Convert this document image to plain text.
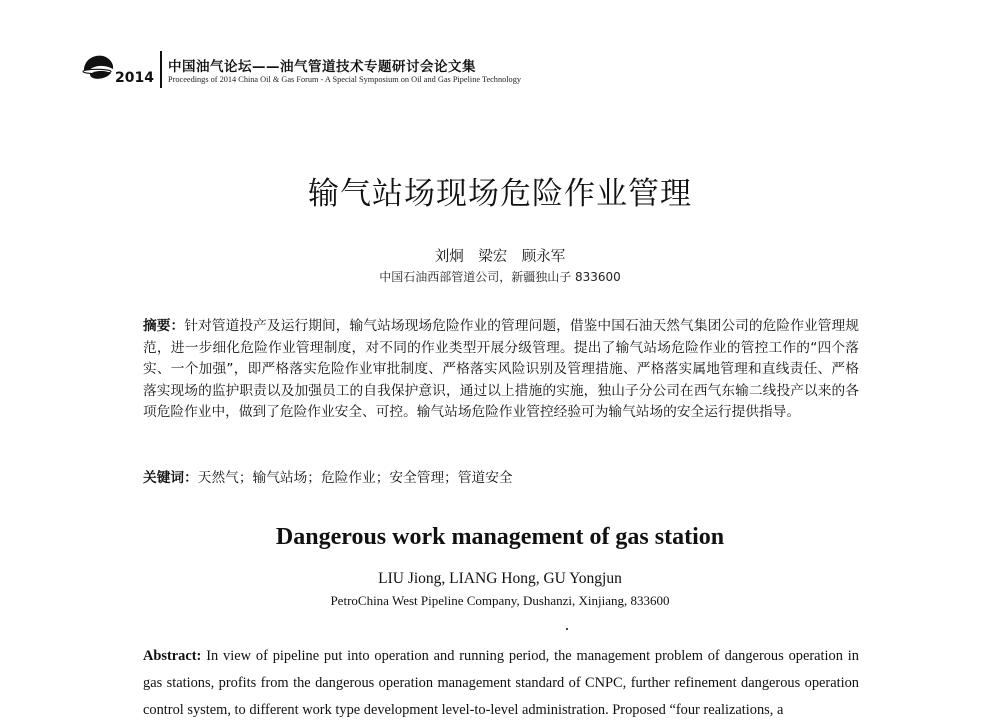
2014
中国油气论坛——油气管道技术专题研讨会论文集
Proceedings of 2014 China Oil & Gas Forum - A Special Symposium on Oil and Gas Pipeline Technology
输气站场现场危险作业管理
刘炯　梁宏　顾永军
中国石油西部管道公司，新疆独山子 833600
摘要：针对管道投产及运行期间，输气站场现场危险作业的管理问题，借鉴中国石油天然气集团公司的危险作业管理规范，进一步细化危险作业管理制度，对不同的作业类型开展分级管理。提出了输气站场危险作业的管控工作的“四个落实、一个加强”，即严格落实危险作业审批制度、严格落实风险识别及管理措施、严格落实属地管理和直线责任、严格落实现场的监护职责以及加强员工的自我保护意识，通过以上措施的实施，独山子分公司在西气东输二线投产以来的各项危险作业中，做到了危险作业安全、可控。输气站场危险作业管控经验可为输气站场的安全运行提供指导。
关键词：天然气；输气站场；危险作业；安全管理；管道安全
Dangerous work management of gas station
LIU Jiong, LIANG Hong, GU Yongjun
PetroChina West Pipeline Company, Dushanzi, Xinjiang, 833600
Abstract: In view of pipeline put into operation and running period, the management problem of dangerous operation in gas stations, profits from the dangerous operation management standard of CNPC, further refinement dangerous operation control system, to different work type development level-to-level administration. Proposed “four realizations, a
